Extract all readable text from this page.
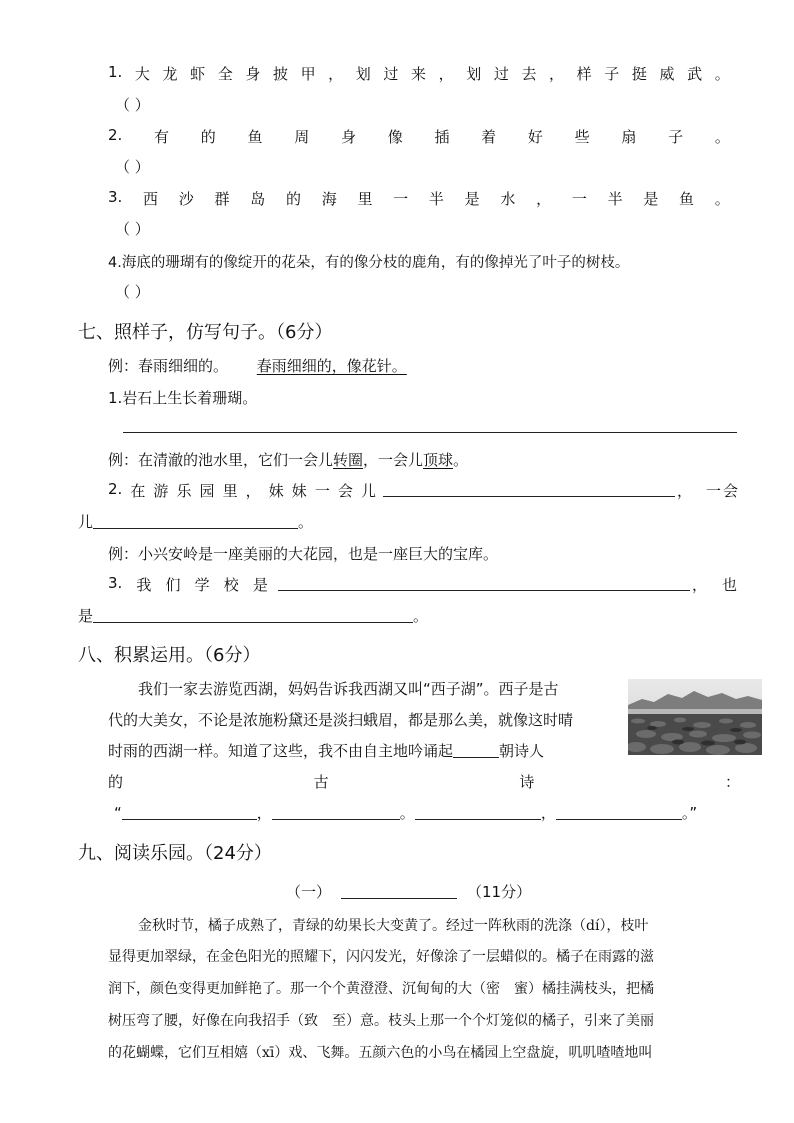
1. 大 龙 虾 全 身 披 甲 ， 划 过 来 ， 划 过 去 ， 样 子 挺 威 武 。
（ ）
2. 有 的 鱼 周 身 像 插 着 好 些 扇 子 。
（ ）
3. 西 沙 群 岛 的 海 里 一 半 是 水 ， 一 半 是 鱼 。
（ ）
4.海底的珊瑚有的像绽开的花朵，有的像分枝的鹿角，有的像掉光了叶子的树枝。
（ ）
七、照样子，仿写句子。（6分）
例：春雨细细的。 春雨细细的，像花针。
1.岩石上生长着珊瑚。
例：在清澈的池水里，它们一会儿转圈，一会儿顶球。
2. 在 游 乐 园 里 ， 妹 妹 一 会 儿	， 一会
儿	。
例：小兴安岭是一座美丽的大花园，也是一座巨大的宝库。
3. 我 们 学 校 是	， 也
是	。
八、积累运用。（6分）
我们一家去游览西湖，妈妈告诉我西湖又叫“西子湖”。西子是古
代的大美女，不论是浓施粉黛还是淡扫蛾眉，都是那么美，就像这时晴
时雨的西湖一样。知道了这些，我不由自主地吟诵起	朝诗人
的	古	诗	：
“	，	。	，	。”
九、阅读乐园。（24分）
（一）	（11分）
金秋时节，橘子成熟了，青绿的幼果长大变黄了。经过一阵秋雨的洗涤（dí），枝叶
显得更加翠绿，在金色阳光的照耀下，闪闪发光，好像涂了一层蜡似的。橘子在雨露的滋
润下，颜色变得更加鲜艳了。那一个个黄澄澄、沉甸甸的大（密　蜜）橘挂满枝头，把橘
树压弯了腰，好像在向我招手（致　至）意。枝头上那一个个灯笼似的橘子，引来了美丽
的花蝴蝶，它们互相嬉（xī）戏、飞舞。五颜六色的小鸟在橘园上空盘旋，叽叽喳喳地叫
